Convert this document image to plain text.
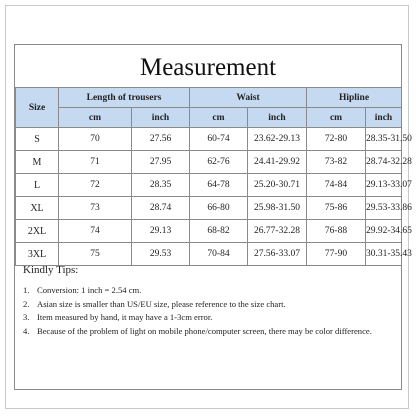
Measurement
Size	Length of trousers		Waist		Hipline	
	cm	inch	cm	inch	cm	inch
S	70	27.56	60-74	23.62-29.13	72-80	28.35-31.50
M	71	27.95	62-76	24.41-29.92	73-82	28.74-32.28
L	72	28.35	64-78	25.20-30.71	74-84	29.13-33.07
XL	73	28.74	66-80	25.98-31.50	75-86	29.53-33.86
2XL	74	29.13	68-82	26.77-32.28	76-88	29.92-34.65
3XL	75	29.53	70-84	27.56-33.07	77-90	30.31-35.43
Kindly Tips:
1. Conversion: 1 inch = 2.54 cm.
2. Asian size is smaller than US/EU size, please reference to the size chart.
3. Item measured by hand, it may have a 1-3cm error.
4. Because of the problem of light on mobile phone/computer screen, there may be color difference.
